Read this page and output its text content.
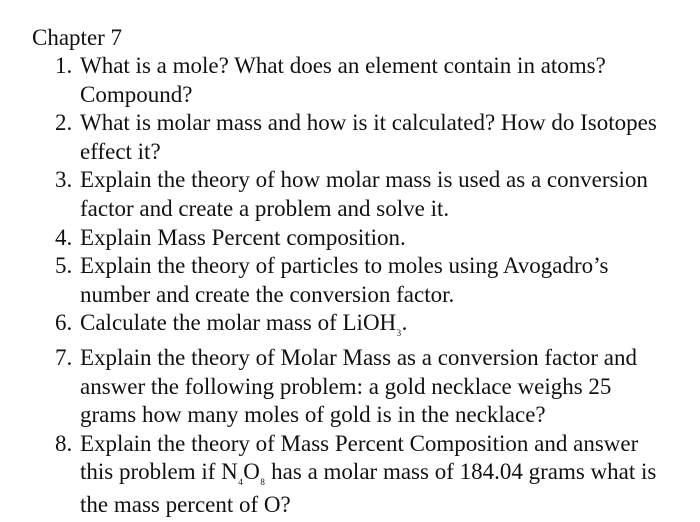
Chapter 7
1. What is a mole? What does an element contain in atoms? Compound?
2. What is molar mass and how is it calculated? How do Isotopes effect it?
3. Explain the theory of how molar mass is used as a conversion factor and create a problem and solve it.
4. Explain Mass Percent composition.
5. Explain the theory of particles to moles using Avogadro’s number and create the conversion factor.
6. Calculate the molar mass of LiOH$_3$.
7. Explain the theory of Molar Mass as a conversion factor and answer the following problem: a gold necklace weighs 25 grams how many moles of gold is in the necklace?
8. Explain the theory of Mass Percent Composition and answer this problem if $N_4O_8$ has a molar mass of 184.04 grams what is the mass percent of O?
